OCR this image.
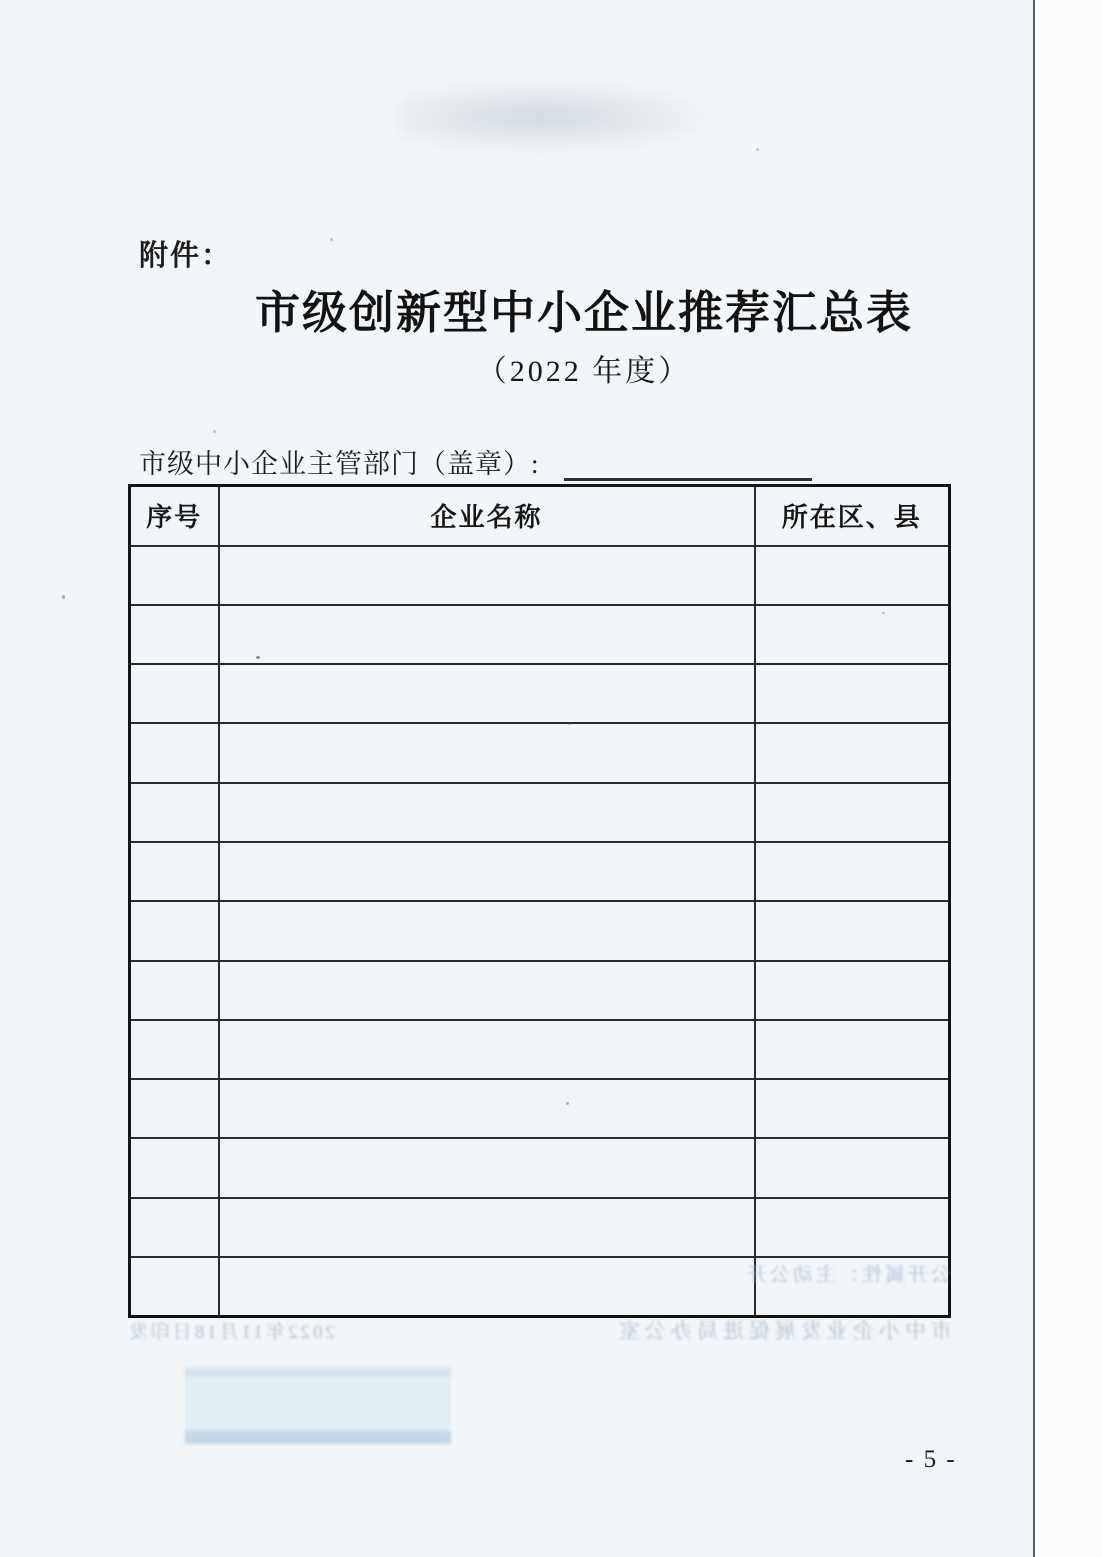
附件：
市级创新型中小企业推荐汇总表
（2022 年度）
市级中小企业主管部门（盖章）:
序号	企业名称	所在区、县

公开属性：主动公开
2022年11月18日印发	市中小企业发展促进局办公室
- 5 -
